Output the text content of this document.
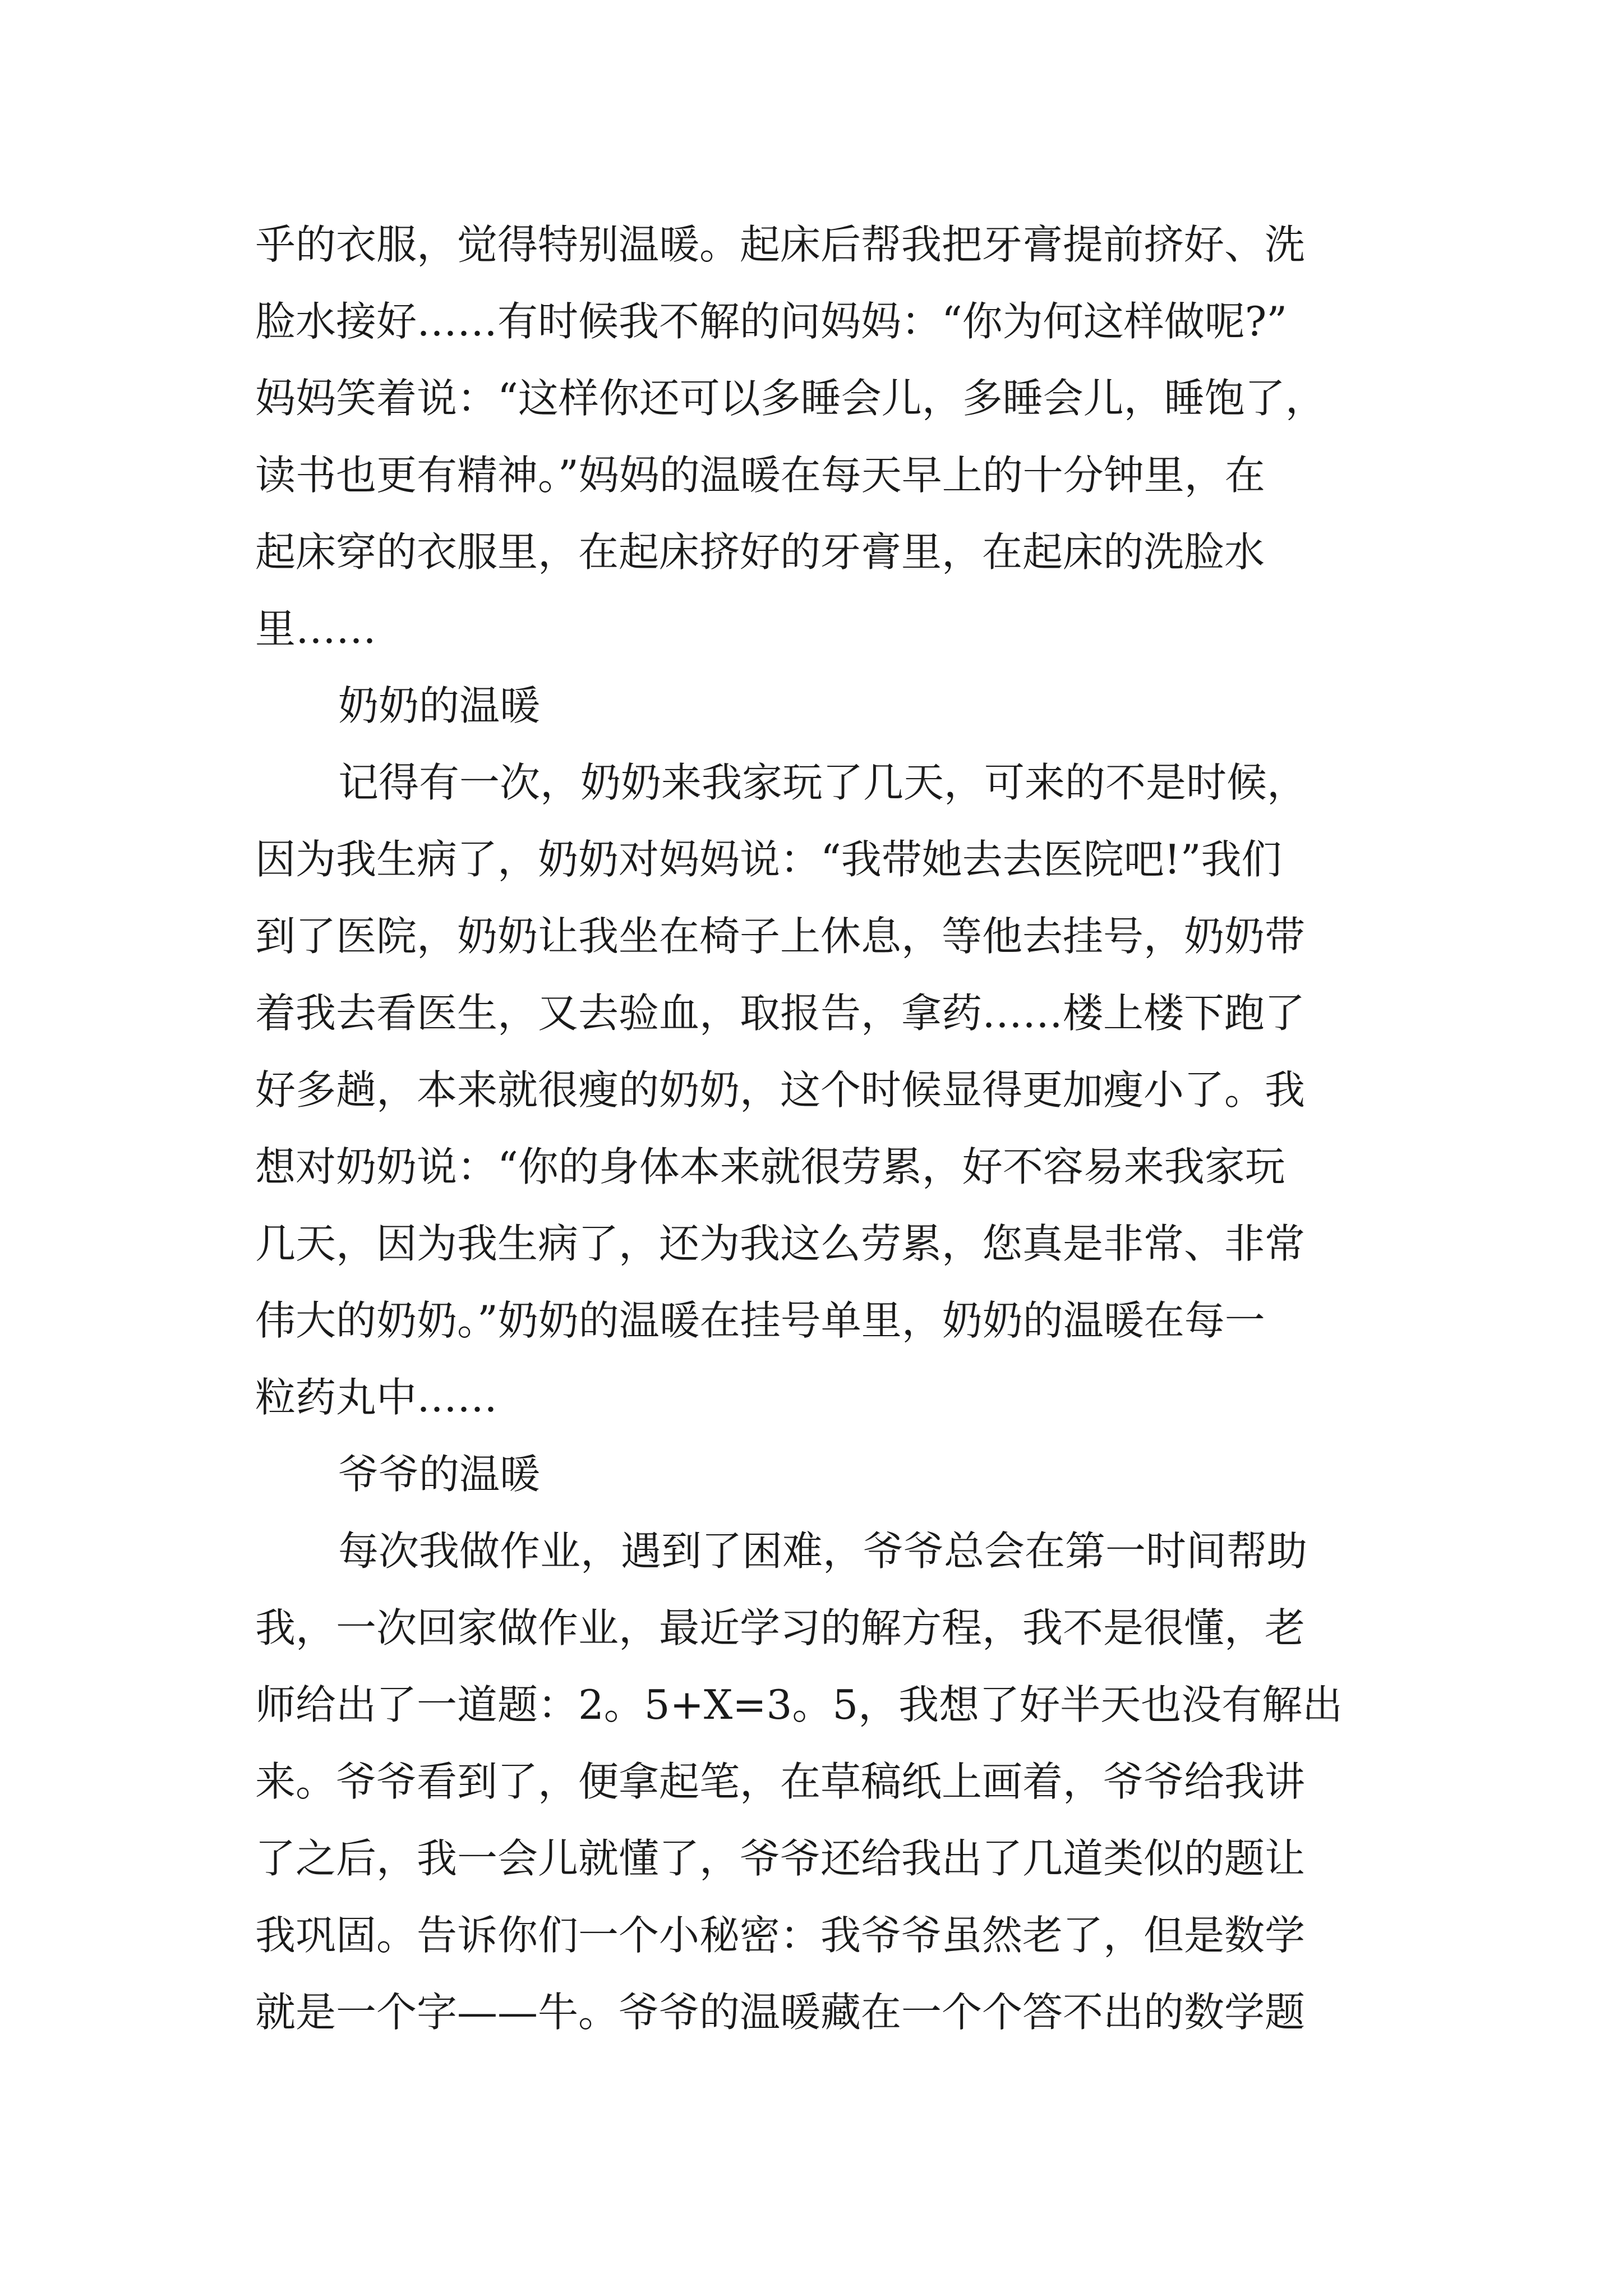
乎的衣服，觉得特别温暖。起床后帮我把牙膏提前挤好、洗
脸水接好……有时候我不解的问妈妈：“你为何这样做呢?”
妈妈笑着说：“这样你还可以多睡会儿，多睡会儿，睡饱了，
读书也更有精神。”妈妈的温暖在每天早上的十分钟里，在
起床穿的衣服里，在起床挤好的牙膏里，在起床的洗脸水
里……
奶奶的温暖
记得有一次，奶奶来我家玩了几天，可来的不是时候，
因为我生病了，奶奶对妈妈说：“我带她去去医院吧!”我们
到了医院，奶奶让我坐在椅子上休息，等他去挂号，奶奶带
着我去看医生，又去验血，取报告，拿药……楼上楼下跑了
好多趟，本来就很瘦的奶奶，这个时候显得更加瘦小了。我
想对奶奶说：“你的身体本来就很劳累，好不容易来我家玩
几天，因为我生病了，还为我这么劳累，您真是非常、非常
伟大的奶奶。”奶奶的温暖在挂号单里，奶奶的温暖在每一
粒药丸中……
爷爷的温暖
每次我做作业，遇到了困难，爷爷总会在第一时间帮助
我，一次回家做作业，最近学习的解方程，我不是很懂，老
师给出了一道题：2。5+X=3。5，我想了好半天也没有解出
来。爷爷看到了，便拿起笔，在草稿纸上画着，爷爷给我讲
了之后，我一会儿就懂了，爷爷还给我出了几道类似的题让
我巩固。告诉你们一个小秘密：我爷爷虽然老了，但是数学
就是一个字——牛。爷爷的温暖藏在一个个答不出的数学题
